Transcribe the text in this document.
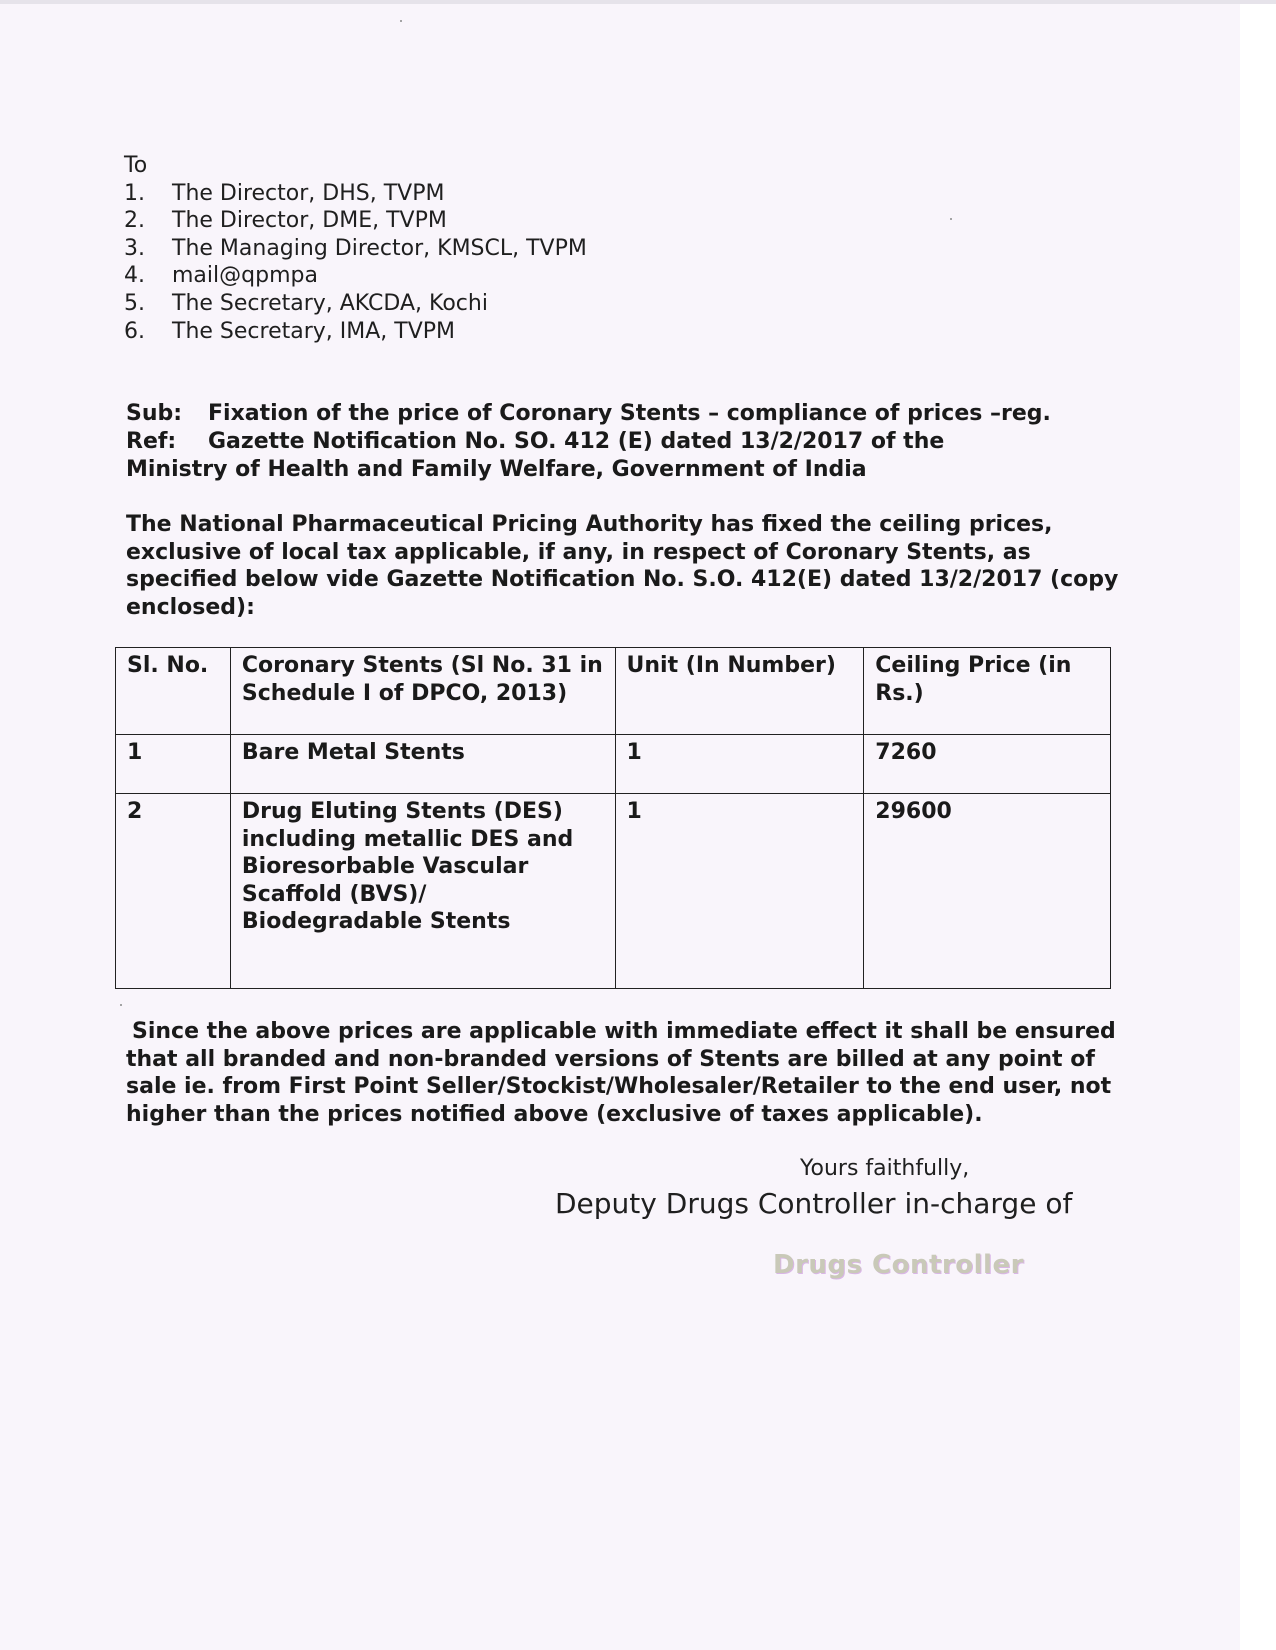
To
1.	The Director, DHS, TVPM
2.	The Director, DME, TVPM
3.	The Managing Director, KMSCL, TVPM
4.	mail@qpmpa
5.	The Secretary, AKCDA, Kochi
6.	The Secretary, IMA, TVPM
Sub: Fixation of the price of Coronary Stents – compliance of prices –reg.
Ref: Gazette Notification No. SO. 412 (E) dated 13/2/2017 of the
Ministry of Health and Family Welfare, Government of India
The National Pharmaceutical Pricing Authority has fixed the ceiling prices, exclusive of local tax applicable, if any, in respect of Coronary Stents, as specified below vide Gazette Notification No. S.O. 412(E) dated 13/2/2017 (copy enclosed):
Sl. No.	Coronary Stents (Sl No. 31 in Schedule I of DPCO, 2013)	Unit (In Number)	Ceiling Price (in Rs.)
1	Bare Metal Stents	1	7260
2	Drug Eluting Stents (DES) including metallic DES and Bioresorbable Vascular Scaffold (BVS)/ Biodegradable Stents	1	29600
Since the above prices are applicable with immediate effect it shall be ensured that all branded and non-branded versions of Stents are billed at any point of sale ie. from First Point Seller/Stockist/Wholesaler/Retailer to the end user, not higher than the prices notified above (exclusive of taxes applicable).
Yours faithfully,
Deputy Drugs Controller in-charge of
Drugs Controller
